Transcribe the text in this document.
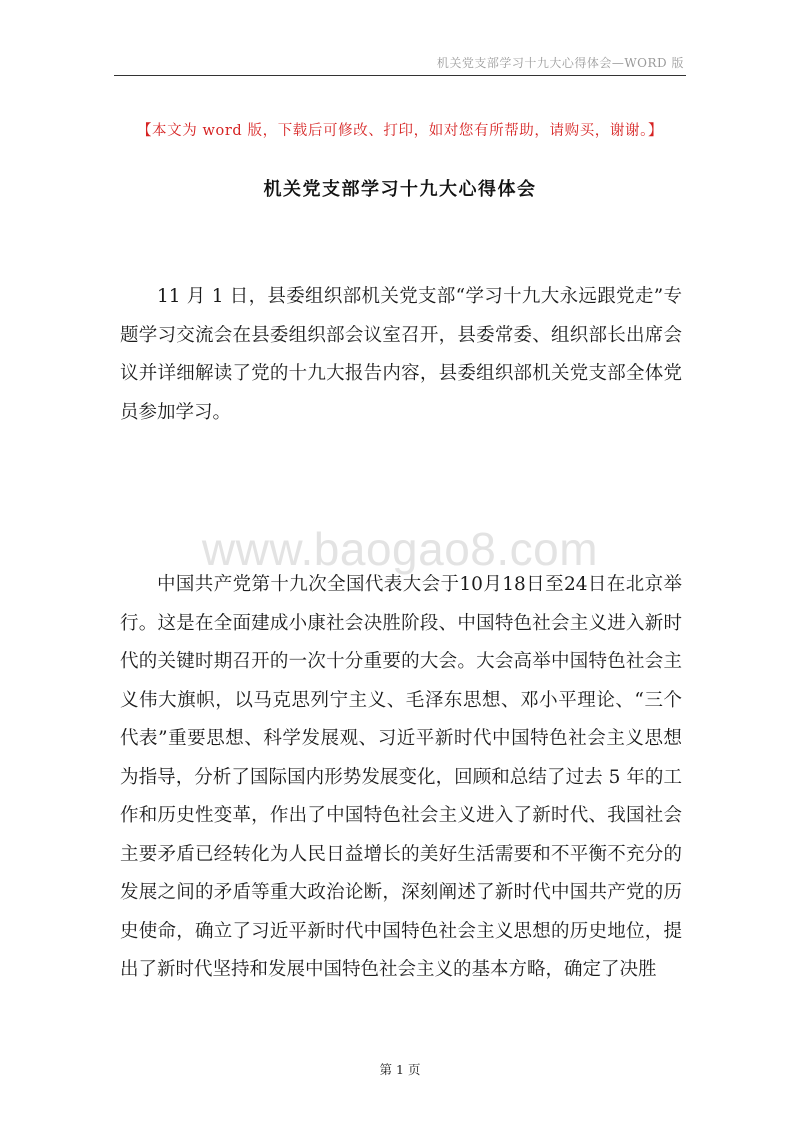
机关党支部学习十九大心得体会—WORD 版
【本文为 word 版，下载后可修改、打印，如对您有所帮助，请购买，谢谢。】
机关党支部学习十九大心得体会

11 月 1 日，县委组织部机关党支部“学习十九大永远跟党走”专题学习交流会在县委组织部会议室召开，县委常委、组织部长出席会议并详细解读了党的十九大报告内容，县委组织部机关党支部全体党员参加学习。

www.baogao8.com

中国共产党第十九次全国代表大会于10月18日至24日在北京举行。这是在全面建成小康社会决胜阶段、中国特色社会主义进入新时代的关键时期召开的一次十分重要的大会。大会高举中国特色社会主义伟大旗帜，以马克思列宁主义、毛泽东思想、邓小平理论、“三个代表”重要思想、科学发展观、习近平新时代中国特色社会主义思想为指导，分析了国际国内形势发展变化，回顾和总结了过去 5 年的工作和历史性变革，作出了中国特色社会主义进入了新时代、我国社会主要矛盾已经转化为人民日益增长的美好生活需要和不平衡不充分的发展之间的矛盾等重大政治论断，深刻阐述了新时代中国共产党的历史使命，确立了习近平新时代中国特色社会主义思想的历史地位，提出了新时代坚持和发展中国特色社会主义的基本方略，确定了决胜

第 1 页
